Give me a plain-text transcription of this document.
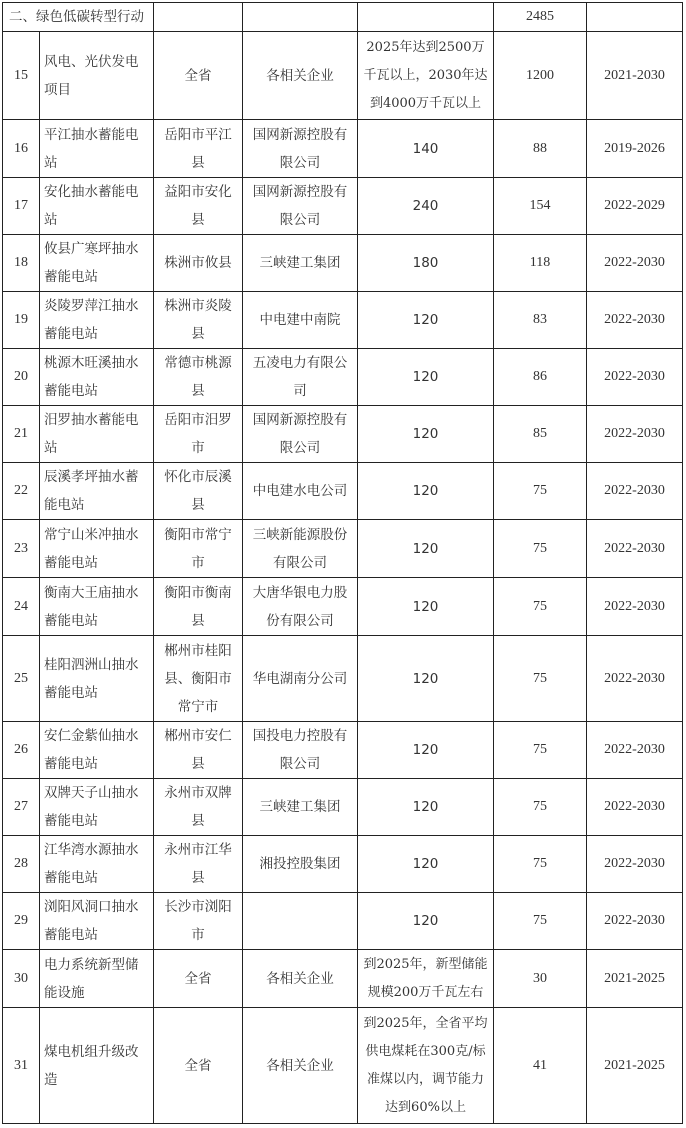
二、绿色低碳转型行动					2485	
15	风电、光伏发电项目	全省	各相关企业	2025年达到2500万千瓦以上，2030年达到4000万千瓦以上	1200	2021-2030
16	平江抽水蓄能电站	岳阳市平江县	国网新源控股有限公司	140	88	2019-2026
17	安化抽水蓄能电站	益阳市安化县	国网新源控股有限公司	240	154	2022-2029
18	攸县广寒坪抽水蓄能电站	株洲市攸县	三峡建工集团	180	118	2022-2030
19	炎陵罗萍江抽水蓄能电站	株洲市炎陵县	中电建中南院	120	83	2022-2030
20	桃源木旺溪抽水蓄能电站	常德市桃源县	五凌电力有限公司	120	86	2022-2030
21	汨罗抽水蓄能电站	岳阳市汨罗市	国网新源控股有限公司	120	85	2022-2030
22	辰溪孝坪抽水蓄能电站	怀化市辰溪县	中电建水电公司	120	75	2022-2030
23	常宁山米冲抽水蓄能电站	衡阳市常宁市	三峡新能源股份有限公司	120	75	2022-2030
24	衡南大王庙抽水蓄能电站	衡阳市衡南县	大唐华银电力股份有限公司	120	75	2022-2030
25	桂阳泗洲山抽水蓄能电站	郴州市桂阳县、衡阳市常宁市	华电湖南分公司	120	75	2022-2030
26	安仁金紫仙抽水蓄能电站	郴州市安仁县	国投电力控股有限公司	120	75	2022-2030
27	双牌天子山抽水蓄能电站	永州市双牌县	三峡建工集团	120	75	2022-2030
28	江华湾水源抽水蓄能电站	永州市江华县	湘投控股集团	120	75	2022-2030
29	浏阳风洞口抽水蓄能电站	长沙市浏阳市		120	75	2022-2030
30	电力系统新型储能设施	全省	各相关企业	到2025年，新型储能规模200万千瓦左右	30	2021-2025
31	煤电机组升级改造	全省	各相关企业	到2025年，全省平均供电煤耗在300克/标准煤以内，调节能力达到60%以上	41	2021-2025
